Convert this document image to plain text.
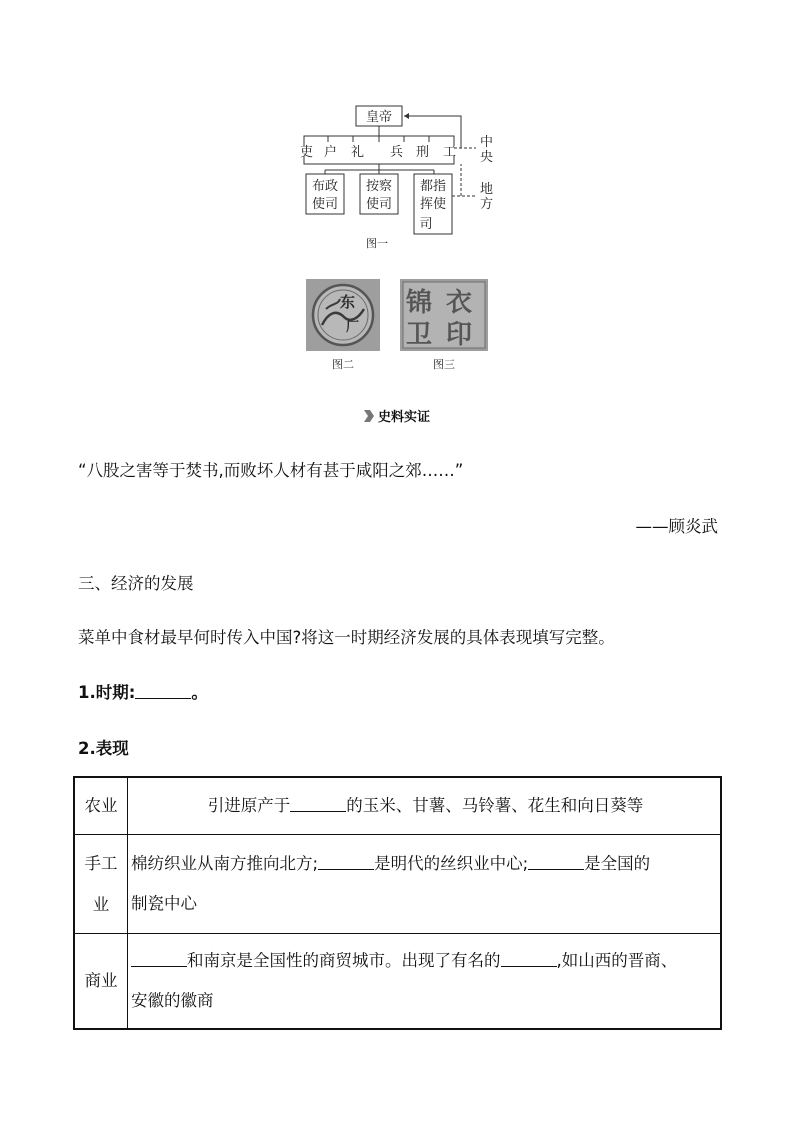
皇帝
吏 户 礼 兵 刑 工
中
央
地
方
布政
使司
按察
使司
都指
挥使
司
图一
东
厂
锦 衣
卫 印
图二	图三
史料实证
“八股之害等于焚书,而败坏人材有甚于咸阳之郊……”
——顾炎武
三、经济的发展
菜单中食材最早何时传入中国?将这一时期经济发展的具体表现填写完整。
1.时期:	。
2.表现
农业	引进原产于 的玉米、甘薯、马铃薯、花生和向日葵等
手工
业	棉纺织业从南方推向北方; 是明代的丝织业中心; 是全国的
制瓷中心
商业	和南京是全国性的商贸城市。出现了有名的 ,如山西的晋商、
安徽的徽商
